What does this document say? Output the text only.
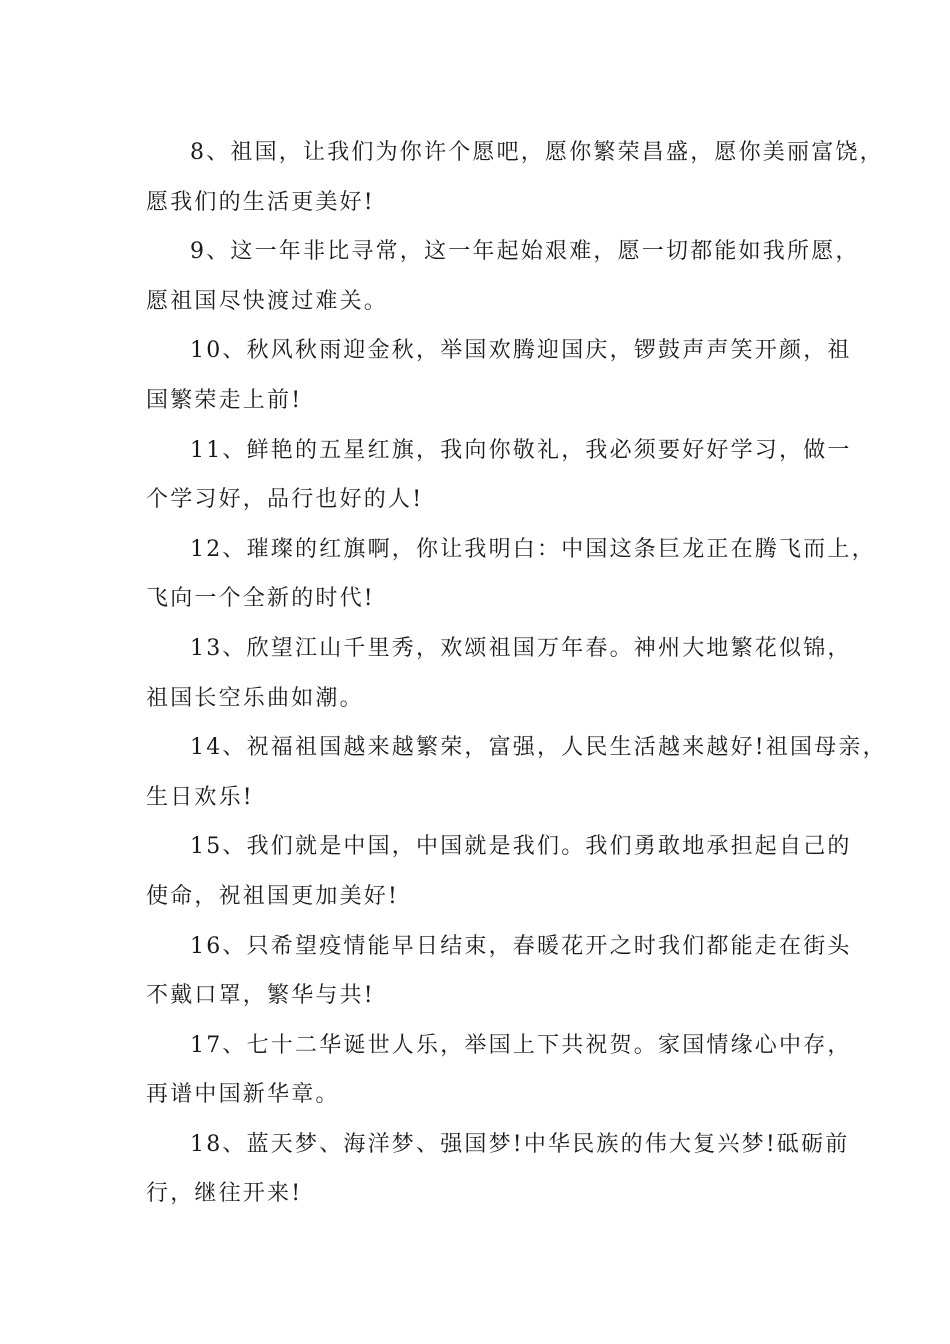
8、祖国，让我们为你许个愿吧，愿你繁荣昌盛，愿你美丽富饶，
愿我们的生活更美好!

9、这一年非比寻常，这一年起始艰难，愿一切都能如我所愿，
愿祖国尽快渡过难关。

10、秋风秋雨迎金秋，举国欢腾迎国庆，锣鼓声声笑开颜，祖
国繁荣走上前!

11、鲜艳的五星红旗，我向你敬礼，我必须要好好学习，做一
个学习好，品行也好的人!

12、璀璨的红旗啊，你让我明白：中国这条巨龙正在腾飞而上，
飞向一个全新的时代!

13、欣望江山千里秀，欢颂祖国万年春。神州大地繁花似锦，
祖国长空乐曲如潮。

14、祝福祖国越来越繁荣，富强，人民生活越来越好!祖国母亲，
生日欢乐!

15、我们就是中国，中国就是我们。我们勇敢地承担起自己的
使命，祝祖国更加美好!

16、只希望疫情能早日结束，春暖花开之时我们都能走在街头
不戴口罩，繁华与共!

17、七十二华诞世人乐，举国上下共祝贺。家国情缘心中存，
再谱中国新华章。

18、蓝天梦、海洋梦、强国梦!中华民族的伟大复兴梦!砥砺前
行，继往开来!
